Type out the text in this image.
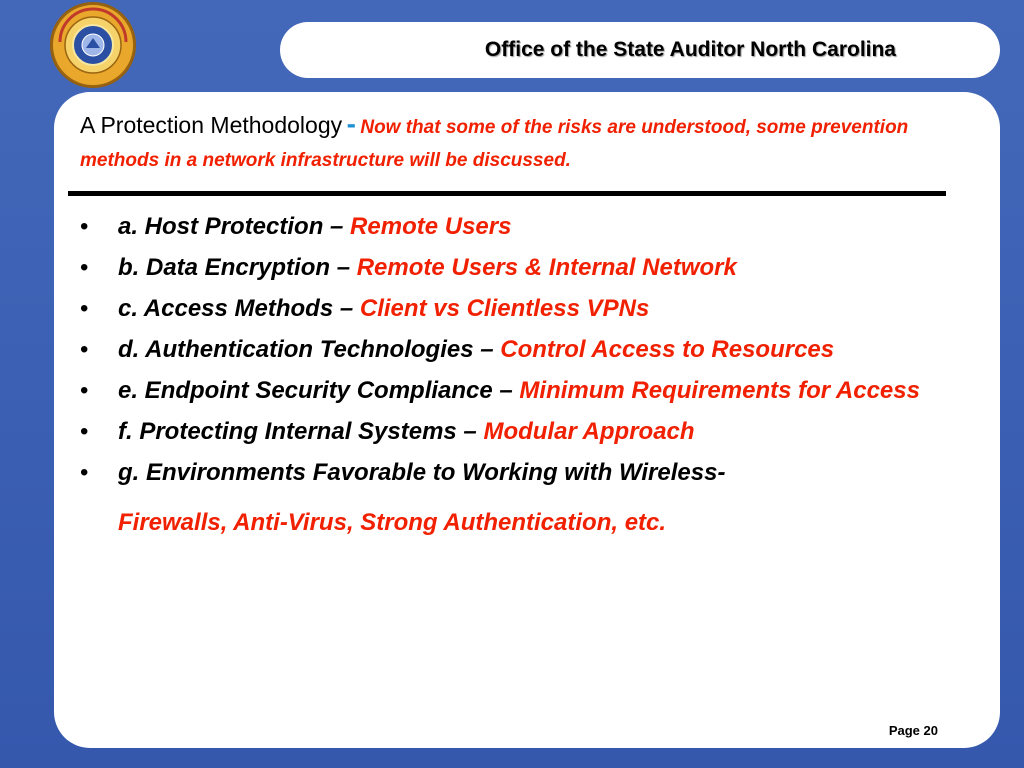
Office of the State Auditor North Carolina
A Protection Methodology - Now that some of the risks are understood, some prevention methods in a network infrastructure will be discussed.
• a. Host Protection – Remote Users
• b. Data Encryption – Remote Users & Internal Network
• c. Access Methods – Client vs Clientless VPNs
• d. Authentication Technologies – Control Access to Resources
• e. Endpoint Security Compliance – Minimum Requirements for Access
• f. Protecting Internal Systems – Modular Approach
• g. Environments Favorable to Working with Wireless-
Firewalls, Anti-Virus, Strong Authentication, etc.
Page 20
